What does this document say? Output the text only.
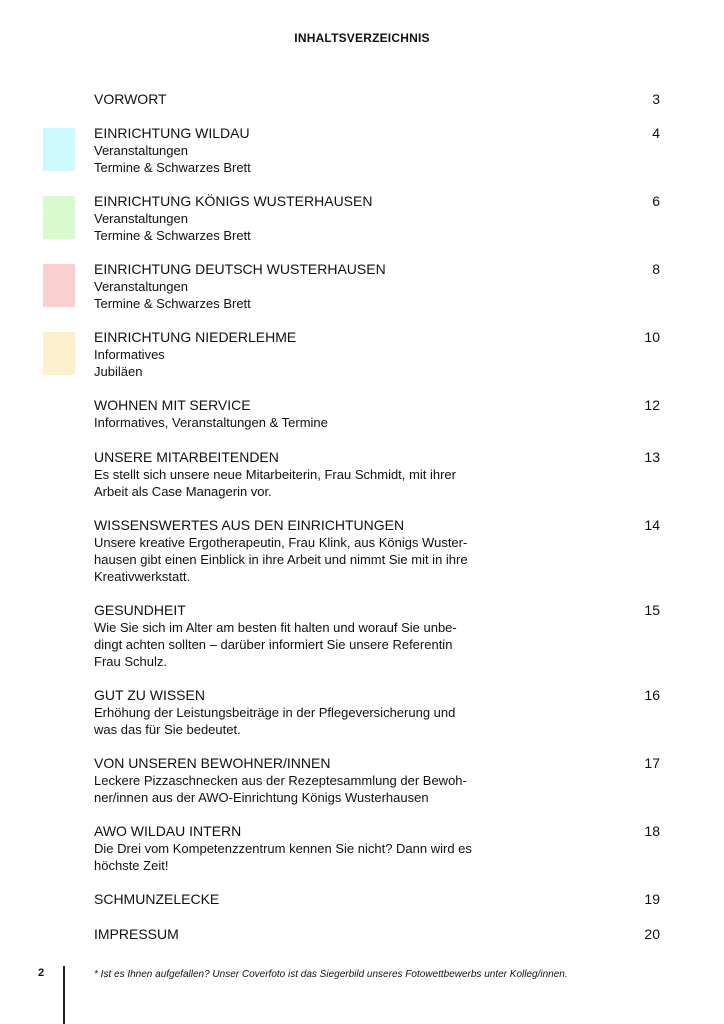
INHALTSVERZEICHNIS
VORWORT	3
EINRICHTUNG WILDAU	4
Veranstaltungen
Termine & Schwarzes Brett
EINRICHTUNG KÖNIGS WUSTERHAUSEN	6
Veranstaltungen
Termine & Schwarzes Brett
EINRICHTUNG DEUTSCH WUSTERHAUSEN	8
Veranstaltungen
Termine & Schwarzes Brett
EINRICHTUNG NIEDERLEHME	10
Informatives
Jubiläen
WOHNEN MIT SERVICE	12
Informatives, Veranstaltungen & Termine
UNSERE MITARBEITENDEN	13
Es stellt sich unsere neue Mitarbeiterin, Frau Schmidt, mit ihrer
Arbeit als Case Managerin vor.
WISSENSWERTES AUS DEN EINRICHTUNGEN	14
Unsere kreative Ergotherapeutin, Frau Klink, aus Königs Wuster-
hausen gibt einen Einblick in ihre Arbeit und nimmt Sie mit in ihre
Kreativwerkstatt.
GESUNDHEIT	15
Wie Sie sich im Alter am besten fit halten und worauf Sie unbe-
dingt achten sollten – darüber informiert Sie unsere Referentin
Frau Schulz.
GUT ZU WISSEN	16
Erhöhung der Leistungsbeiträge in der Pflegeversicherung und
was das für Sie bedeutet.
VON UNSEREN BEWOHNER/INNEN	17
Leckere Pizzaschnecken aus der Rezeptesammlung der Bewoh-
ner/innen aus der AWO-Einrichtung Königs Wusterhausen
AWO WILDAU INTERN	18
Die Drei vom Kompetenzzentrum kennen Sie nicht? Dann wird es
höchste Zeit!
SCHMUNZELECKE	19
IMPRESSUM	20
2	* Ist es Ihnen aufgefallen? Unser Coverfoto ist das Siegerbild unseres Fotowettbewerbs unter Kolleg/innen.
